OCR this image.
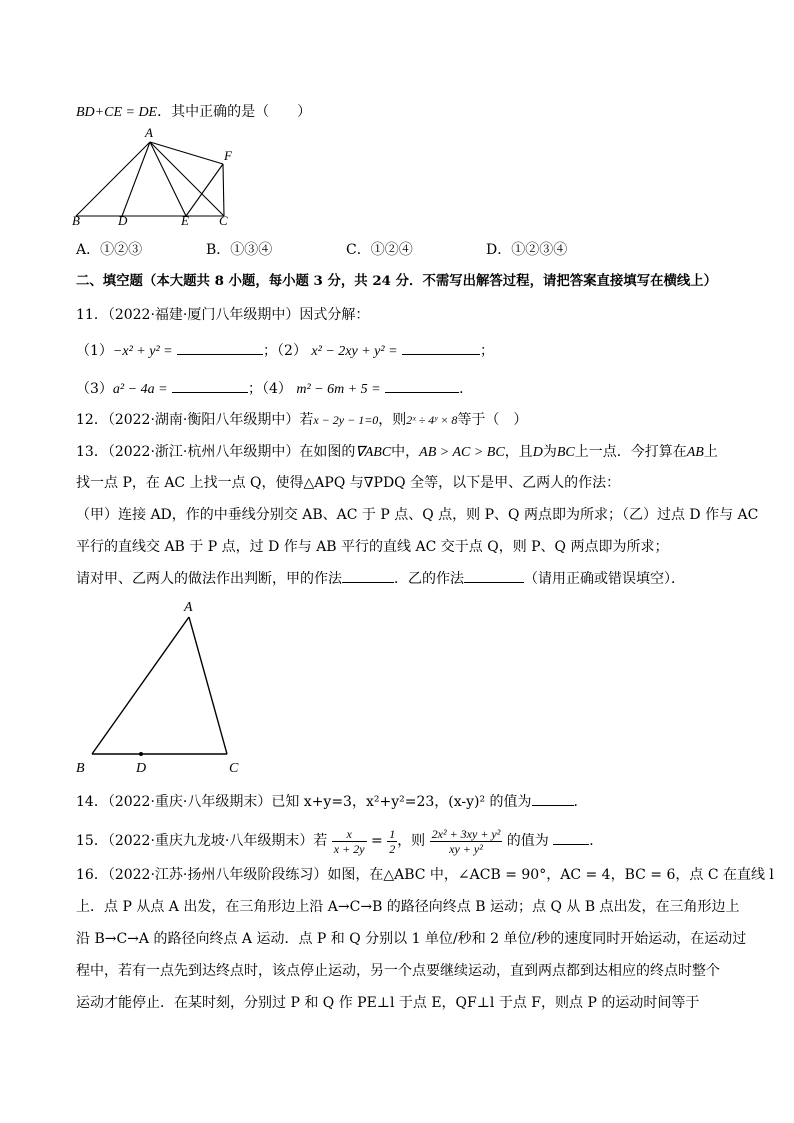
BD+CE = DE．其中正确的是（　　）
A
F
B	D	E C
A．①②③	B．①③④	C．①②④	D．①②③④
二、填空题（本大题共 8 小题，每小题 3 分，共 24 分．不需写出解答过程，请把答案直接填写在横线上）
11．（2022·福建·厦门八年级期中）因式分解：
（1）−x² + y² =	；（2） x² − 2xy + y² =	；
（3）a² − 4a =	；（4） m² − 6m + 5 =	．
12．（2022·湖南·衡阳八年级期中）若x − 2y − 1=0，则2ˣ ÷ 4ʸ × 8等于（　）
13．（2022·浙江·杭州八年级期中）在如图的∇ABC中，AB > AC > BC，且D为BC上一点．今打算在AB上
找一点 P，在 AC 上找一点 Q，使得△APQ 与∇PDQ 全等，以下是甲、乙两人的作法：
（甲）连接 AD，作的中垂线分别交 AB、AC 于 P 点、Q 点，则 P、Q 两点即为所求；（乙）过点 D 作与 AC
平行的直线交 AB 于 P 点，过 D 作与 AB 平行的直线 AC 交于点 Q，则 P、Q 两点即为所求；
请对甲、乙两人的做法作出判断，甲的作法	．乙的作法	（请用正确或错误填空）．
A
B	D	C
14．（2022·重庆·八年级期末）已知 x+y=3，x²+y²=23，(x-y)² 的值为	．
15．（2022·重庆九龙坡·八年级期末）若 $\frac{x}{x + 2y} = \frac{1}{2}$ ，则 $\frac{\text{2x² + 3xy + y²}}{\text{xy + y²}}$ 的值为	．
16．（2022·江苏·扬州八年级阶段练习）如图，在△ABC 中，∠ACB = 90°，AC = 4，BC = 6，点 C 在直线 l
上．点 P 从点 A 出发，在三角形边上沿 A→C→B 的路径向终点 B 运动；点 Q 从 B 点出发，在三角形边上
沿 B→C→A 的路径向终点 A 运动．点 P 和 Q 分别以 1 单位/秒和 2 单位/秒的速度同时开始运动，在运动过
程中，若有一点先到达终点时，该点停止运动，另一个点要继续运动，直到两点都到达相应的终点时整个
运动才能停止．在某时刻，分别过 P 和 Q 作 PE⊥l 于点 E，QF⊥l 于点 F，则点 P 的运动时间等于
